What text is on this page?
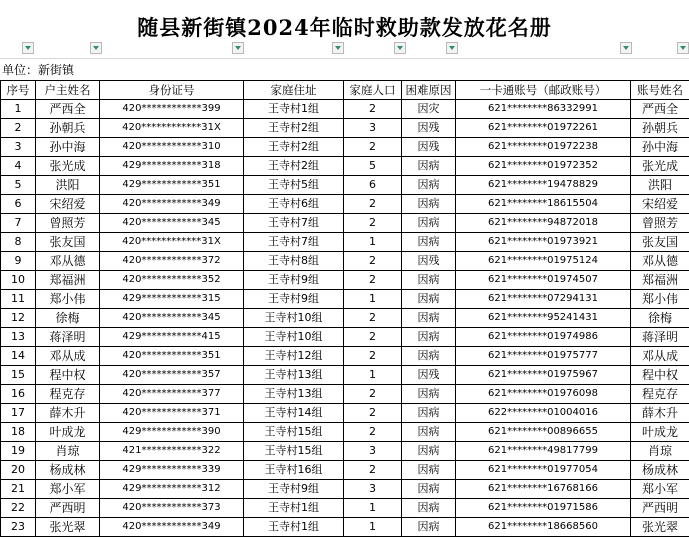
随县新街镇2024年临时救助款发放花名册
单位：新街镇
序号	户主姓名	身份证号	家庭住址	家庭人口	困难原因	一卡通账号（邮政账号）	账号姓名
1	严西全	420************399	王寺村1组	2	因灾	621********86332991	严西全
2	孙朝兵	420************31X	王寺村2组	3	因残	621********01972261	孙朝兵
3	孙中海	420************310	王寺村2组	2	因残	621********01972238	孙中海
4	张光成	429************318	王寺村2组	5	因病	621********01972352	张光成
5	洪阳	429************351	王寺村5组	6	因病	621********19478829	洪阳
6	宋绍爱	420************349	王寺村6组	2	因病	621********18615504	宋绍爱
7	曾照芳	420************345	王寺村7组	2	因病	621********94872018	曾照芳
8	张友国	420************31X	王寺村7组	1	因病	621********01973921	张友国
9	邓从德	420************372	王寺村8组	2	因残	621********01975124	邓从德
10	郑福洲	420************352	王寺村9组	2	因病	621********01974507	郑福洲
11	郑小伟	429************315	王寺村9组	1	因病	621********07294131	郑小伟
12	徐梅	420************345	王寺村10组	2	因病	621********95241431	徐梅
13	蒋泽明	429************415	王寺村10组	2	因病	621********01974986	蒋泽明
14	邓从成	420************351	王寺村12组	2	因病	621********01975777	邓从成
15	程中权	420************357	王寺村13组	1	因残	621********01975967	程中权
16	程克存	420************377	王寺村13组	2	因病	621********01976098	程克存
17	薛木升	420************371	王寺村14组	2	因病	622********01004016	薛木升
18	叶成龙	429************390	王寺村15组	2	因病	621********00896655	叶成龙
19	肖琼	421************322	王寺村15组	3	因病	621********49817799	肖琼
20	杨成林	429************339	王寺村16组	2	因病	621********01977054	杨成林
21	郑小军	429************312	王寺村9组	3	因病	621********16768166	郑小军
22	严西明	420************373	王寺村1组	1	因病	621********01971586	严西明
23	张光翠	420************349	王寺村1组	1	因病	621********18668560	张光翠
